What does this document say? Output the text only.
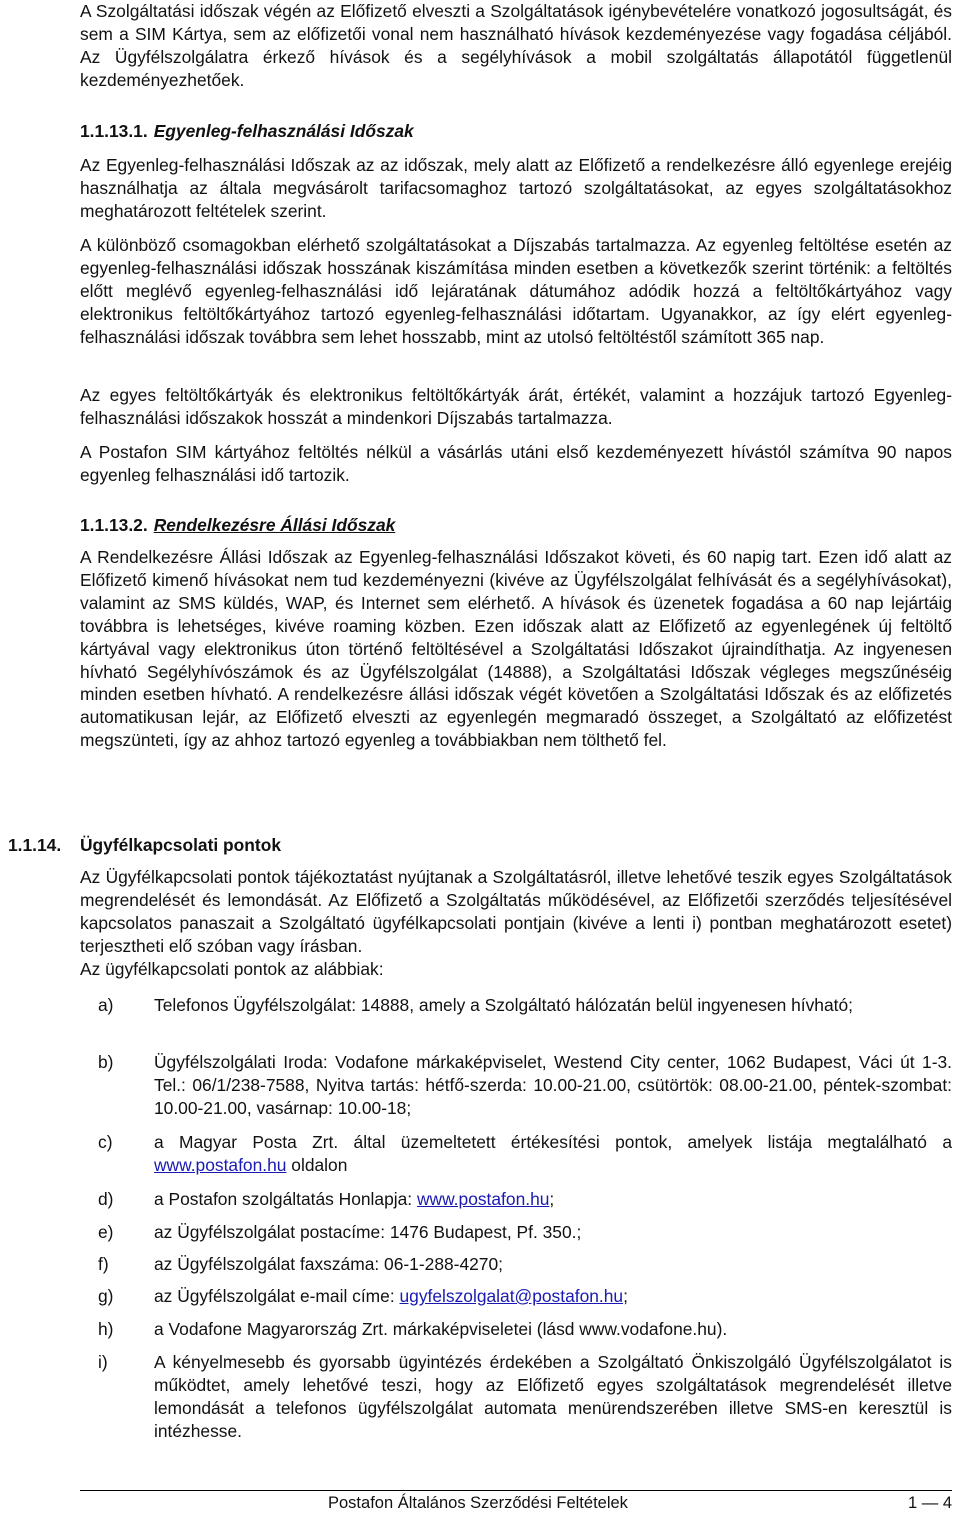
A Szolgáltatási időszak végén az Előfizető elveszti a Szolgáltatások igénybevételére vonatkozó jogosultságát, és sem a SIM Kártya, sem az előfizetői vonal nem használható hívások kezdeményezése vagy fogadása céljából. Az Ügyfélszolgálatra érkező hívások és a segélyhívások a mobil szolgáltatás állapotától függetlenül kezdeményezhetőek.

1.1.13.1. Egyenleg-felhasználási Időszak

Az Egyenleg-felhasználási Időszak az az időszak, mely alatt az Előfizető a rendelkezésre álló egyenlege erejéig használhatja az általa megvásárolt tarifacsomaghoz tartozó szolgáltatásokat, az egyes szolgáltatásokhoz meghatározott feltételek szerint.

A különböző csomagokban elérhető szolgáltatásokat a Díjszabás tartalmazza. Az egyenleg feltöltése esetén az egyenleg-felhasználási időszak hosszának kiszámítása minden esetben a következők szerint történik: a feltöltés előtt meglévő egyenleg-felhasználási idő lejáratának dátumához adódik hozzá a feltöltőkártyához vagy elektronikus feltöltőkártyához tartozó egyenleg-felhasználási időtartam. Ugyanakkor, az így elért egyenleg-felhasználási időszak továbbra sem lehet hosszabb, mint az utolsó feltöltéstől számított 365 nap.

Az egyes feltöltőkártyák és elektronikus feltöltőkártyák árát, értékét, valamint a hozzájuk tartozó Egyenleg-felhasználási időszakok hosszát a mindenkori Díjszabás tartalmazza.

A Postafon SIM kártyához feltöltés nélkül a vásárlás utáni első kezdeményezett hívástól számítva 90 napos egyenleg felhasználási idő tartozik.

1.1.13.2. Rendelkezésre Állási Időszak

A Rendelkezésre Állási Időszak az Egyenleg-felhasználási Időszakot követi, és 60 napig tart. Ezen idő alatt az Előfizető kimenő hívásokat nem tud kezdeményezni (kivéve az Ügyfélszolgálat felhívását és a segélyhívásokat), valamint az SMS küldés, WAP, és Internet sem elérhető. A hívások és üzenetek fogadása a 60 nap lejártáig továbbra is lehetséges, kivéve roaming közben. Ezen időszak alatt az Előfizető az egyenlegének új feltöltő kártyával vagy elektronikus úton történő feltöltésével a Szolgáltatási Időszakot újraindíthatja. Az ingyenesen hívható Segélyhívószámok és az Ügyfélszolgálat (14888), a Szolgáltatási Időszak végleges megszűnéséig minden esetben hívható. A rendelkezésre állási időszak végét követően a Szolgáltatási Időszak és az előfizetés automatikusan lejár, az Előfizető elveszti az egyenlegén megmaradó összeget, a Szolgáltató az előfizetést megszünteti, így az ahhoz tartozó egyenleg a továbbiakban nem tölthető fel.

1.1.14. Ügyfélkapcsolati pontok

Az Ügyfélkapcsolati pontok tájékoztatást nyújtanak a Szolgáltatásról, illetve lehetővé teszik egyes Szolgáltatások megrendelését és lemondását. Az Előfizető a Szolgáltatás működésével, az Előfizetői szerződés teljesítésével kapcsolatos panaszait a Szolgáltató ügyfélkapcsolati pontjain (kivéve a lenti i) pontban meghatározott esetet) terjesztheti elő szóban vagy írásban.

Az ügyfélkapcsolati pontok az alábbiak:

a)	Telefonos Ügyfélszolgálat: 14888, amely a Szolgáltató hálózatán belül ingyenesen hívható;
b)	Ügyfélszolgálati Iroda: Vodafone márkaképviselet, Westend City center, 1062 Budapest, Váci út 1-3. Tel.: 06/1/238-7588, Nyitva tartás: hétfő-szerda: 10.00-21.00, csütörtök: 08.00-21.00, péntek-szombat: 10.00-21.00, vasárnap: 10.00-18;
c)	a Magyar Posta Zrt. által üzemeltetett értékesítési pontok, amelyek listája megtalálható a www.postafon.hu oldalon
d)	a Postafon szolgáltatás Honlapja: www.postafon.hu;
e)	az Ügyfélszolgálat postacíme: 1476 Budapest, Pf. 350.;
f)	az Ügyfélszolgálat faxszáma: 06-1-288-4270;
g)	az Ügyfélszolgálat e-mail címe: ugyfelszolgalat@postafon.hu;
h)	a Vodafone Magyarország Zrt. márkaképviseletei (lásd www.vodafone.hu).
i)	A kényelmesebb és gyorsabb ügyintézés érdekében a Szolgáltató Önkiszolgáló Ügyfélszolgálatot is működtet, amely lehetővé teszi, hogy az Előfizető egyes szolgáltatások megrendelését illetve lemondását a telefonos ügyfélszolgálat automata menürendszerében illetve SMS-en keresztül is intézhesse.
Postafon Általános Szerződési Feltételek	1 — 4
